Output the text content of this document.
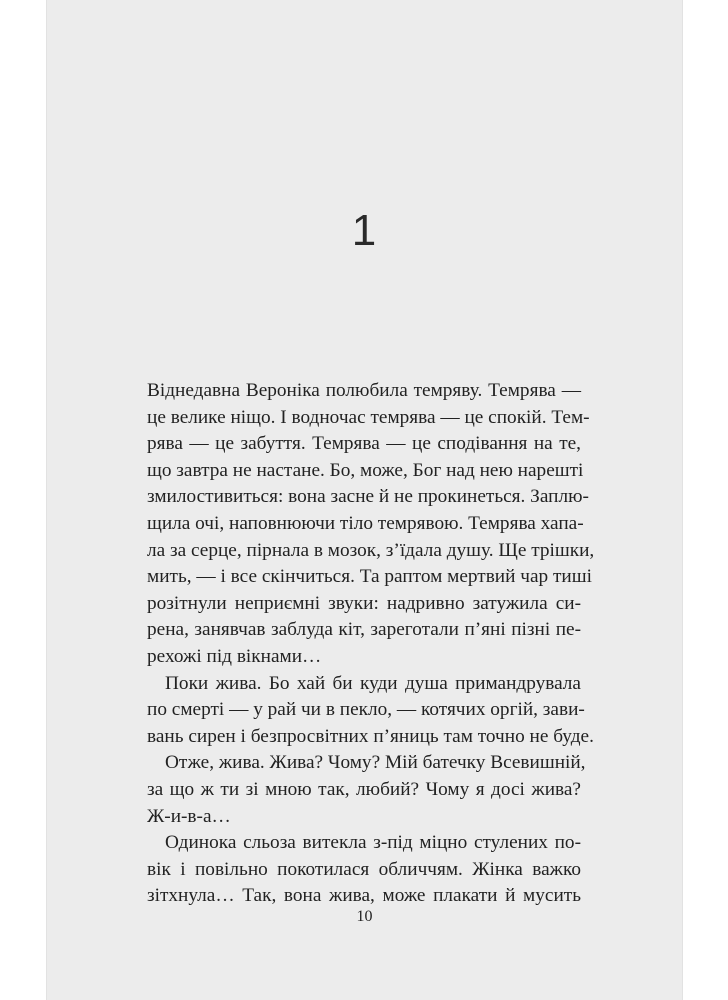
1
Віднедавна Вероніка полюбила темряву. Темрява —
це велике ніщо. І водночас темрява — це спокій. Тем-
рява — це забуття. Темрява — це сподівання на те,
що завтра не настане. Бо, може, Бог над нею нарешті
змилостивиться: вона засне й не прокинеться. Заплю-
щила очі, наповнюючи тіло темрявою. Темрява хапа-
ла за серце, пірнала в мозок, з’їдала душу. Ще трішки,
мить, — і все скінчиться. Та раптом мертвий чар тиші
розітнули неприємні звуки: надривно затужила си-
рена, занявчав заблуда кіт, зареготали п’яні пізні пе-
рехожі під вікнами…
Поки жива. Бо хай би куди душа примандрувала
по смерті — у рай чи в пекло, — котячих оргій, зави-
вань сирен і безпросвітних п’яниць там точно не буде.
Отже, жива. Жива? Чому? Мій батечку Всевишній,
за що ж ти зі мною так, любий? Чому я досі жива?
Ж-и-в-а…
Одинока сльоза витекла з-під міцно стулених по-
вік і повільно покотилася обличчям. Жінка важко
зітхнула… Так, вона жива, може плакати й мусить
10
